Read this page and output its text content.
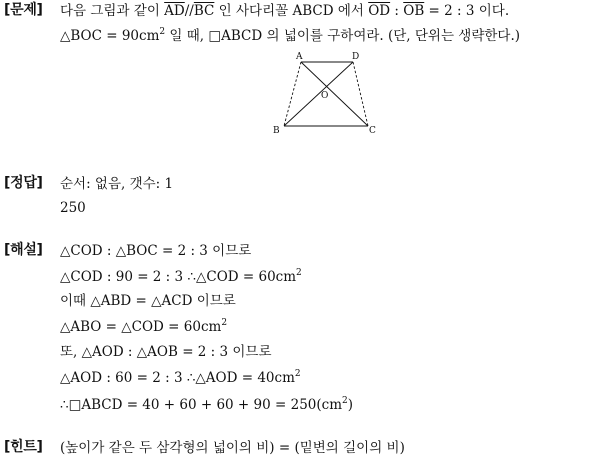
[문제] 다음 그림과 같이 $\overline{AD}//\overline{BC}$ 인 사다리꼴 ABCD 에서 $\overline{OD}$ : $\overline{OB} = 2$ : 3 이다.
△BOC = $90cm^2$ 일 때, □ABCD 의 넓이를 구하여라. (단, 단위는 생략한다.)
A	D
O
B	C
[정답] 순서: 없음, 갯수: 1
250
[해설] △COD : △BOC = 2 : 3 이므로
△COD : 90 = 2 : 3 ∴△COD = $60cm^2$
이때 △ABD = △ACD 이므로
△ABO = △COD = $60cm^2$
또, △AOD : △AOB = 2 : 3 이므로
△AOD : 60 = 2 : 3 ∴△AOD = $40cm^2$
∴□ABCD = $40 + 60 + 60 + 90 = 250(cm^2)$
[힌트] (높이가 같은 두 삼각형의 넓이의 비) = (밑변의 길이의 비)
